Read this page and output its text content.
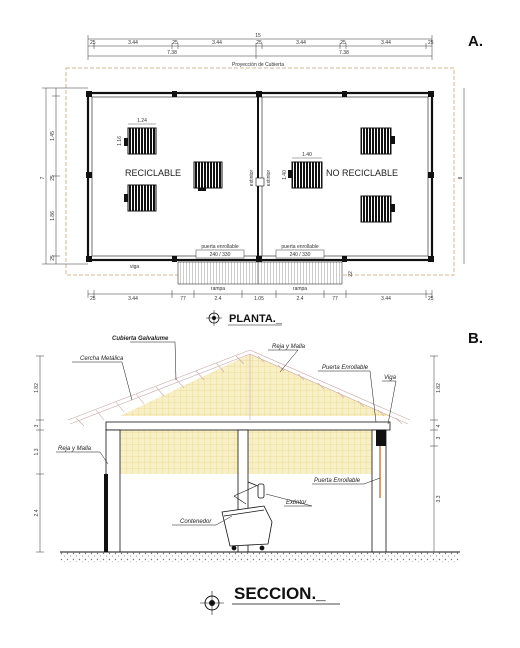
A.
15
25	3.44	25	3.44	25	3.44	25	3.44	25
7.38	7.38
Proyección de Cubierta
7
1.45
1.86
25
25
8
RECICLABLE	NO RECICLABLE
extintor extintor
1.24
1.16
1.40
1.40
puerta enrollable
240 / 330
puerta enrollable
240 / 330
viga
rampa	rampa
22
25	3.44	77	2.4	1.05	2.4	77	3.44	25
PLANTA._
B.
Cubierta Galvalume
Cercha Metálica
Reja y Malla
Puerta Enrollable
Viga
Reja y Malla
Puerta Enrollable
Extintor
Contenedor
1.82
3
1.3
2.4
1.82
4
3
3.3
SECCION._
